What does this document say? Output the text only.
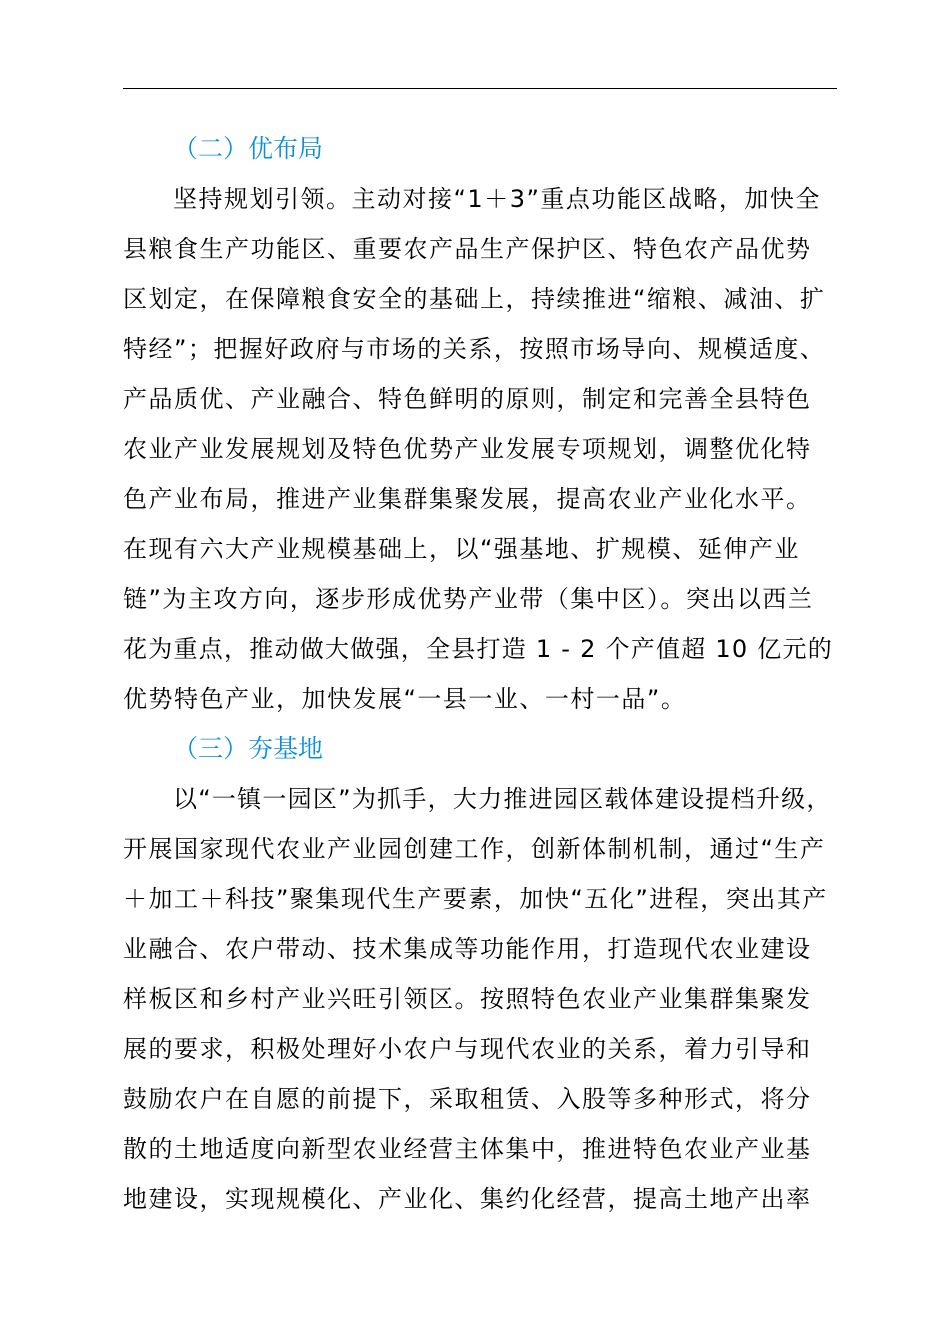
（二）优布局
坚持规划引领。主动对接“1＋3”重点功能区战略，加快全
县粮食生产功能区、重要农产品生产保护区、特色农产品优势
区划定，在保障粮食安全的基础上，持续推进“缩粮、减油、扩
特经”；把握好政府与市场的关系，按照市场导向、规模适度、
产品质优、产业融合、特色鲜明的原则，制定和完善全县特色
农业产业发展规划及特色优势产业发展专项规划，调整优化特
色产业布局，推进产业集群集聚发展，提高农业产业化水平。
在现有六大产业规模基础上，以“强基地、扩规模、延伸产业
链”为主攻方向，逐步形成优势产业带（集中区）。突出以西兰
花为重点，推动做大做强，全县打造 1 - 2 个产值超 10 亿元的
优势特色产业，加快发展“一县一业、一村一品”。
（三）夯基地
以“一镇一园区”为抓手，大力推进园区载体建设提档升级，
开展国家现代农业产业园创建工作，创新体制机制，通过“生产
＋加工＋科技”聚集现代生产要素，加快“五化”进程，突出其产
业融合、农户带动、技术集成等功能作用，打造现代农业建设
样板区和乡村产业兴旺引领区。按照特色农业产业集群集聚发
展的要求，积极处理好小农户与现代农业的关系，着力引导和
鼓励农户在自愿的前提下，采取租赁、入股等多种形式，将分
散的土地适度向新型农业经营主体集中，推进特色农业产业基
地建设，实现规模化、产业化、集约化经营，提高土地产出率
